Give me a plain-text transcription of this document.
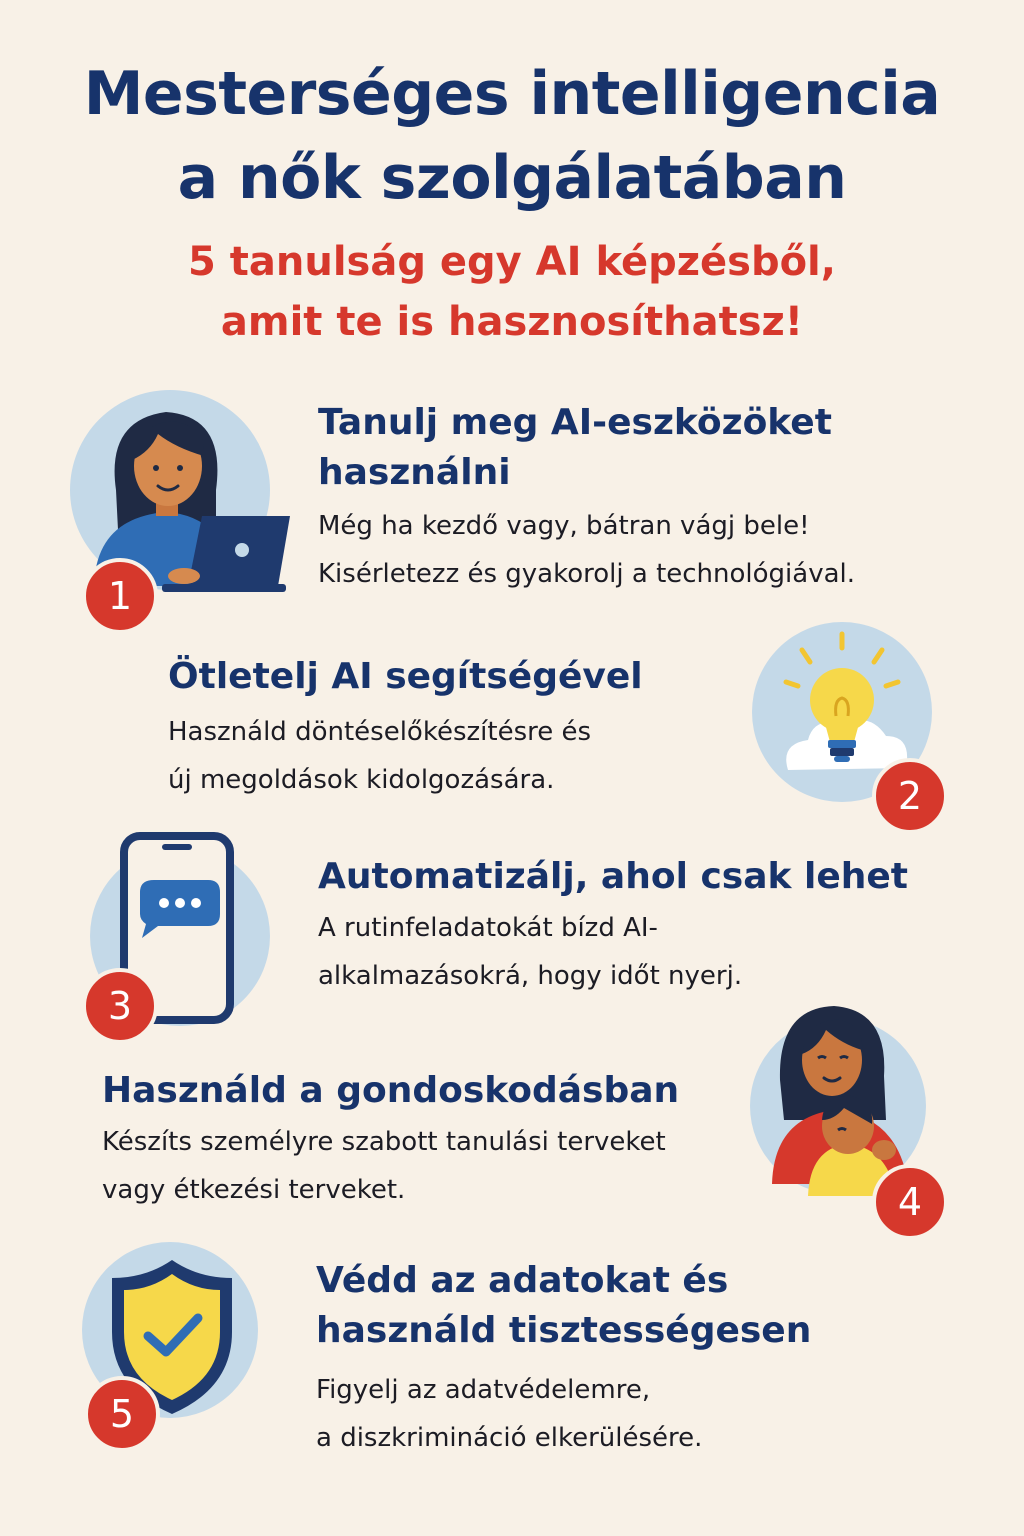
Mesterséges intelligencia
a nők szolgálatában
5 tanulság egy AI képzésből,
amit te is hasznosíthatsz!
1
Tanulj meg AI-eszközöket
használni
Még ha kezdő vagy, bátran vágj bele!
Kisérletezz és gyakorolj a technológiával.
Ötletelj AI segítségével
Használd döntéselőkészítésre és
új megoldások kidolgozására.	2
3
Automatizálj, ahol csak lehet
A rutinfeladatokát bízd AI-
alkalmazásokrá, hogy időt nyerj.
Használd a gondoskodásban
Készíts személyre szabott tanulási terveket
vagy étkezési terveket.	4
5
Védd az adatokat és
használd tisztességesen
Figyelj az adatvédelemre,
a diszkrimináció elkerülésére.
